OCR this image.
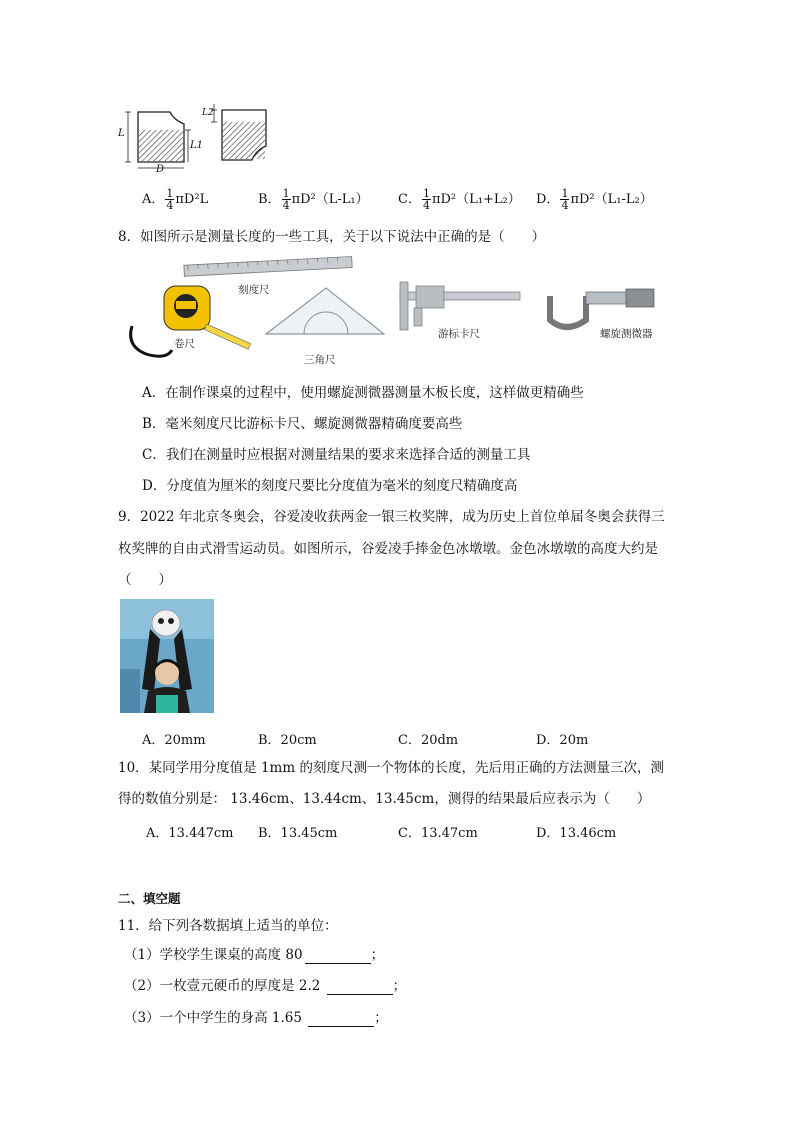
L
L1
L2
D
A． $\frac{1}{4} \pi D^2L$	B． $\frac{1}{4} \pi D^2(L-L_1)$ C． $\frac{1}{4} \pi D^2(L_1+L_2)$ D． $\frac{1}{4} \pi D^2(L_1-L_2)$
8．如图所示是测量长度的一些工具，关于以下说法中正确的是（　　）
刻度尺
卷尺
三角尺
游标卡尺	螺旋测微器
A．在制作课桌的过程中，使用螺旋测微器测量木板长度，这样做更精确些
B．毫米刻度尺比游标卡尺、螺旋测微器精确度要高些
C．我们在测量时应根据对测量结果的要求来选择合适的测量工具
D．分度值为厘米的刻度尺要比分度值为毫米的刻度尺精确度高
9．2022 年北京冬奥会，谷爱凌收获两金一银三枚奖牌，成为历史上首位单届冬奥会获得三
枚奖牌的自由式滑雪运动员。如图所示，谷爱凌手捧金色冰墩墩。金色冰墩墩的高度大约是
（　　）
A．20mm	B．20cm	C．20dm	D．20m
10．某同学用分度值是 1mm 的刻度尺测一个物体的长度，先后用正确的方法测量三次，测
得的数值分别是： 13.46cm、13.44cm、13.45cm，测得的结果最后应表示为（　　）
A．13.447cm B．13.45cm	C．13.47cm	D．13.46cm
二、填空题
11．给下列各数据填上适当的单位：
（1）学校学生课桌的高度 80	；
（2）一枚壹元硬币的厚度是 2.2	；
（3）一个中学生的身高 1.65	；
